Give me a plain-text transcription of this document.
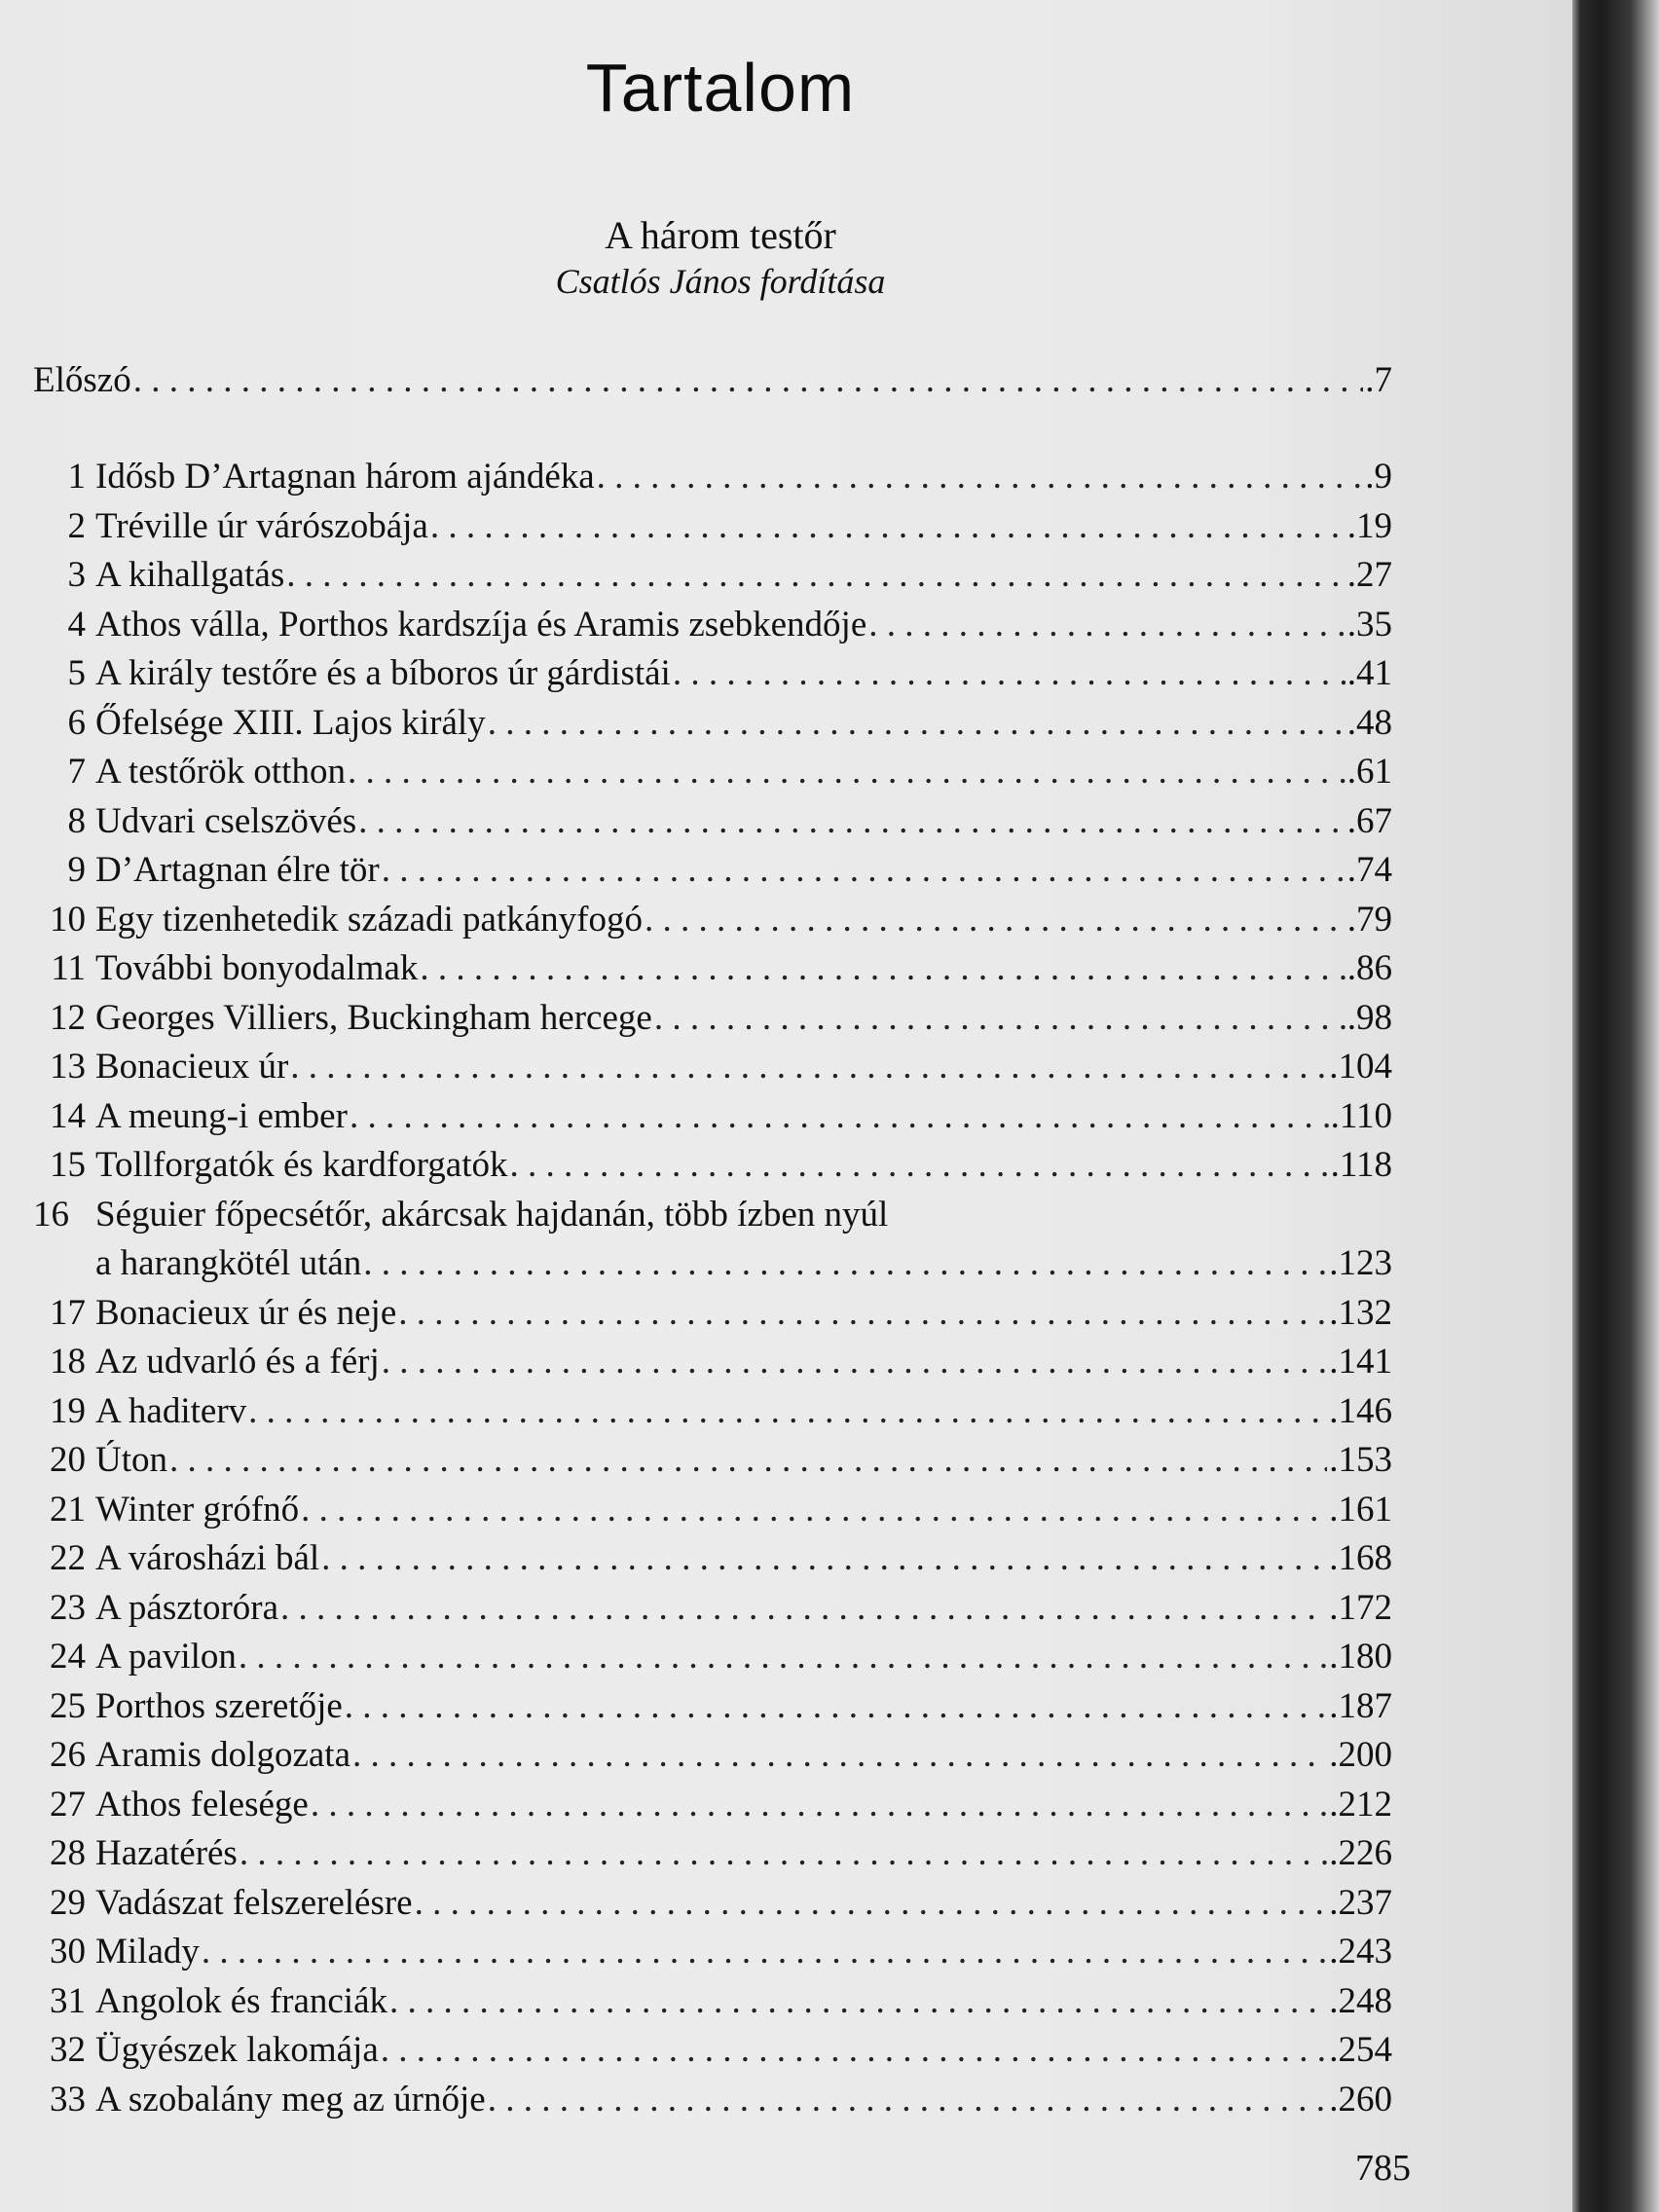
Tartalom
A három testőr
Csatlós János fordítása
Előszó . . .	.7
1 Idősb D’Artagnan három ajándéka . . .	.9
2 Tréville úr várószobája . . .	.19
3 A kihallgatás . . .	.27
4 Athos válla, Porthos kardszíja és Aramis zsebkendője . . .	.35
5 A király testőre és a bíboros úr gárdistái . . .	.41
6 Őfelsége XIII. Lajos király . . .	.48
7 A testőrök otthon . . .	.61
8 Udvari cselszövés . . .	.67
9 D’Artagnan élre tör . . .	.74
10 Egy tizenhetedik századi patkányfogó . . .	.79
11 További bonyodalmak . . .	.86
12 Georges Villiers, Buckingham hercege . . .	.98
13 Bonacieux úr . . .	.104
14 A meung-i ember . . .	.110
15 Tollforgatók és kardforgatók . . .	.118
16 Séguier főpecsétőr, akárcsak hajdanán, több ízben nyúl
a harangkötél után . . .	.123
17 Bonacieux úr és neje . . .	.132
18 Az udvarló és a férj . . .	.141
19 A haditerv . . .	.146
20 Úton . . .	.153
21 Winter grófnő . . .	.161
22 A városházi bál . . .	.168
23 A pásztoróra . . .	.172
24 A pavilon . . .	.180
25 Porthos szeretője . . .	.187
26 Aramis dolgozata . . .	.200
27 Athos felesége . . .	.212
28 Hazatérés . . .	.226
29 Vadászat felszerelésre . . .	.237
30 Milady . . .	.243
31 Angolok és franciák . . .	.248
32 Ügyészek lakomája . . .	.254
33 A szobalány meg az úrnője . . .	.260
785
